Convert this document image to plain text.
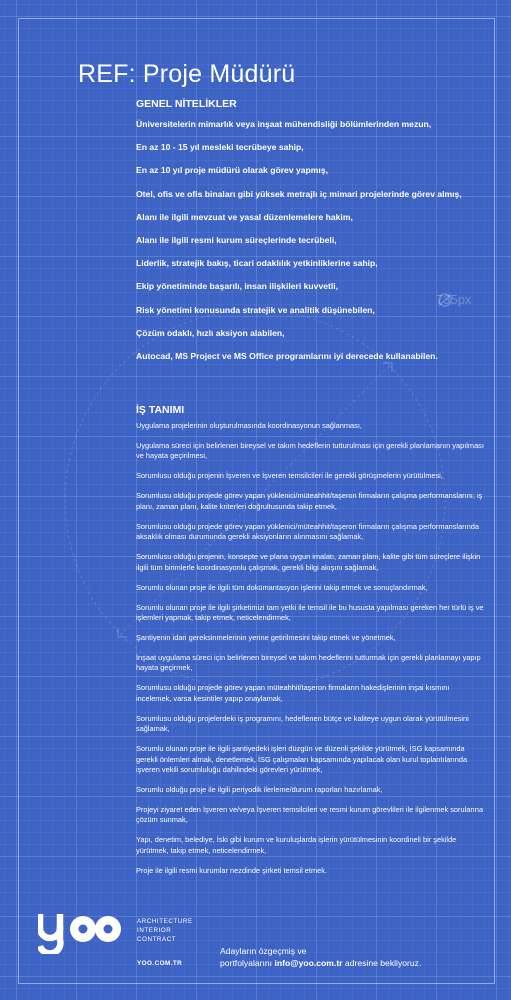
735px
REF: Proje Müdürü
GENEL NİTELİKLER
Üniversitelerin mimarlık veya inşaat mühendisliği bölümlerinden mezun,
En az 10 - 15 yıl mesleki tecrübeye sahip,
En az 10 yıl proje müdürü olarak görev yapmış,
Otel, ofis ve ofis binaları gibi yüksek metrajlı iç mimari projelerinde görev almış,
Alanı ile ilgili mevzuat ve yasal düzenlemelere hakim,
Alanı ile ilgili resmi kurum süreçlerinde tecrübeli,
Liderlik, stratejik bakış, ticari odaklılık yetkinliklerine sahip,
Ekip yönetiminde başarılı, insan ilişkileri kuvvetli,
Risk yönetimi konusunda stratejik ve analitik düşünebilen,
Çözüm odaklı, hızlı aksiyon alabilen,
Autocad, MS Project ve MS Office programlarını iyi derecede kullanabilen.
İŞ TANIMI
Uygulama projelerinin oluşturulmasında koordinasyonun sağlanması,
Uygulama süreci için belirlenen bireysel ve takım hedeflerin tutturulması için gerekli planlamanın yapılması ve hayata geçirilmesi,
Sorumlusu olduğu projenin İşveren ve İşveren temsilcileri ile gerekli görüşmelerin yürütülmesi,
Sorumlusu olduğu projede görev yapan yüklenici/müteahhit/taşeron firmaların çalışma performanslarını; iş planı, zaman planı, kalite kriterleri doğrultusunda takip etmek,
Sorumlusu olduğu projede görev yapan yüklenici/müteahhit/taşeron firmaların çalışma performanslarında aksaklık olması durumunda gerekli aksiyonların alınmasını sağlamak,
Sorumlusu olduğu projenin, konsepte ve plana uygun imalatı, zaman planı, kalite gibi tüm süreçlere ilişkin ilgili tüm birimlerle koordinasyonlu çalışmak, gerekli bilgi akışını sağlamak,
Sorumlu olunan proje ile ilgili tüm dokümantasyon işlerini takip etmek ve sonuçlandırmak,
Sorumlu olunan proje ile ilgili şirketimizi tam yetki ile temsil ile bu hususta yapılması gereken her türlü iş ve işlemleri yapmak, takip etmek, neticelendirmek,
Şantiyenin idari gereksinmelerinin yerine getirilmesini takip etmek ve yönetmek,
İnşaat uygulama süreci için belirlenen bireysel ve takım hedeflerini tutturmak için gerekli planlamayı yapıp hayata geçirmek,
Sorumlusu olduğu projede görev yapan müteahhit/taşeron firmaların hakedişlerinin inşai kısmını incelemek, varsa kesintiler yapıp onaylamak,
Sorumlusu olduğu projelerdeki iş programını, hedeflenen bütçe ve kaliteye uygun olarak yürütülmesini sağlamak,
Sorumlu olunan proje ile ilgili şantiyedeki işleri düzgün ve düzenli şekilde yürütmek, İSG kapsamında gerekli önlemleri almak, denetlemek, İSG çalışmaları kapsamında yapılacak olan kurul toplantılarında işveren vekili sorumluluğu dahilindeki görevleri yürütmek,
Sorumlu olduğu proje ile ilgili periyodik ilerleme/durum raporları hazırlamak,
Projeyi ziyaret eden İşveren ve/veya İşveren temsilcileri ve resmi kurum görevlileri ile ilgilenmek sorularına çözüm sunmak,
Yapı, denetim, belediye, İski gibi kurum ve kuruluşlarda işlerin yürütülmesinin koordineli bir şekilde yürütmek, takip etmek, neticelendirmek,
Proje ile ilgili resmi kurumlar nezdinde şirketi temsil etmek.
ARCHITECTURE
INTERIOR
CONTRACT
YOO.COM.TR
Adayların özgeçmiş ve
portfolyalarını info@yoo.com.tr adresine bekliyoruz.
